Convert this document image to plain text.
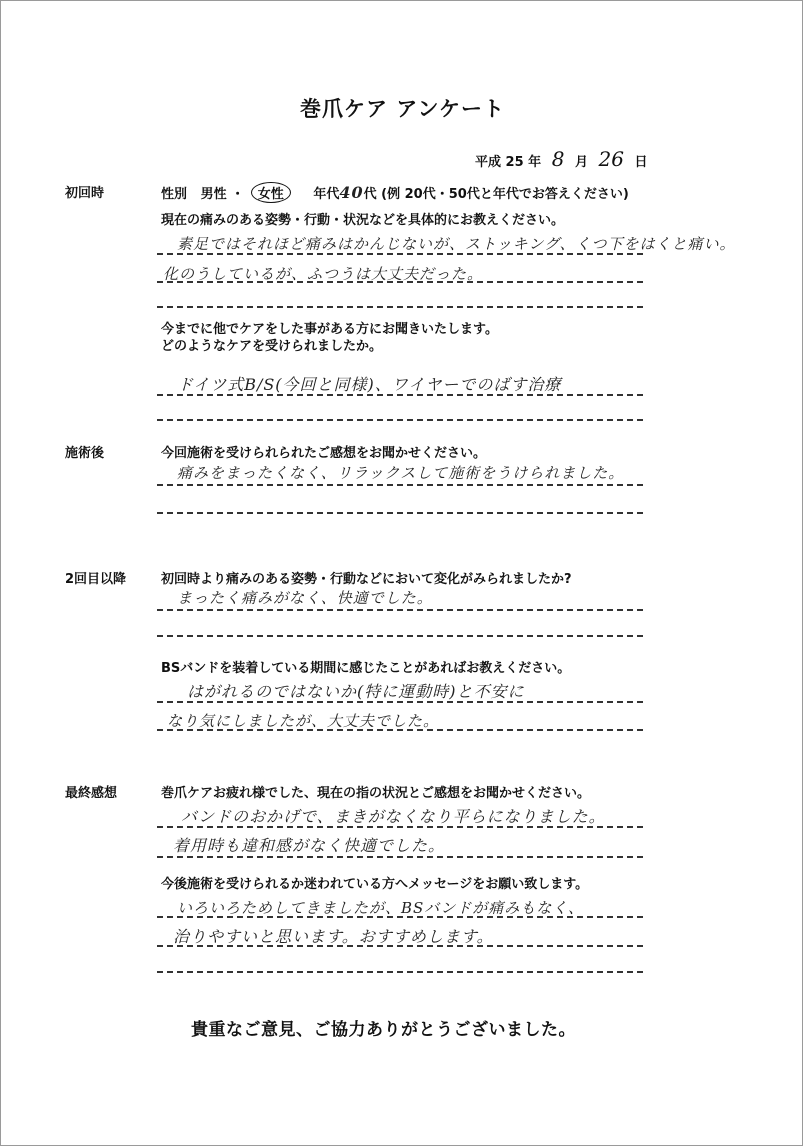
巻爪ケア アンケート
平成 25 年 8 月 26 日
初回時	性別 男性 ・ 女性 年代40代 (例 20代・50代と年代でお答えください)
現在の痛みのある姿勢・行動・状況などを具体的にお教えください。
素足ではそれほど痛みはかんじないが、ストッキング、くつ下をはくと痛い。
化のうしているが、ふつうは大丈夫だった。
今までに他でケアをした事がある方にお聞きいたします。
どのようなケアを受けられましたか。
ドイツ式B/S(今回と同様)、ワイヤーでのばす治療
施術後	今回施術を受けられられたご感想をお聞かせください。
痛みをまったくなく、リラックスして施術をうけられました。
2回目以降	初回時より痛みのある姿勢・行動などにおいて変化がみられましたか?
まったく痛みがなく、快適でした。
BSバンドを装着している期間に感じたことがあればお教えください。
はがれるのではないか(特に運動時)と不安に
なり気にしましたが、大丈夫でした。
最終感想	巻爪ケアお疲れ様でした、現在の指の状況とご感想をお聞かせください。
バンドのおかげで、まきがなくなり平らになりました。
着用時も違和感がなく快適でした。
今後施術を受けられるか迷われている方へメッセージをお願い致します。
いろいろためしてきましたが、BSバンドが痛みもなく、
治りやすいと思います。おすすめします。
貴重なご意見、ご協力ありがとうございました。
